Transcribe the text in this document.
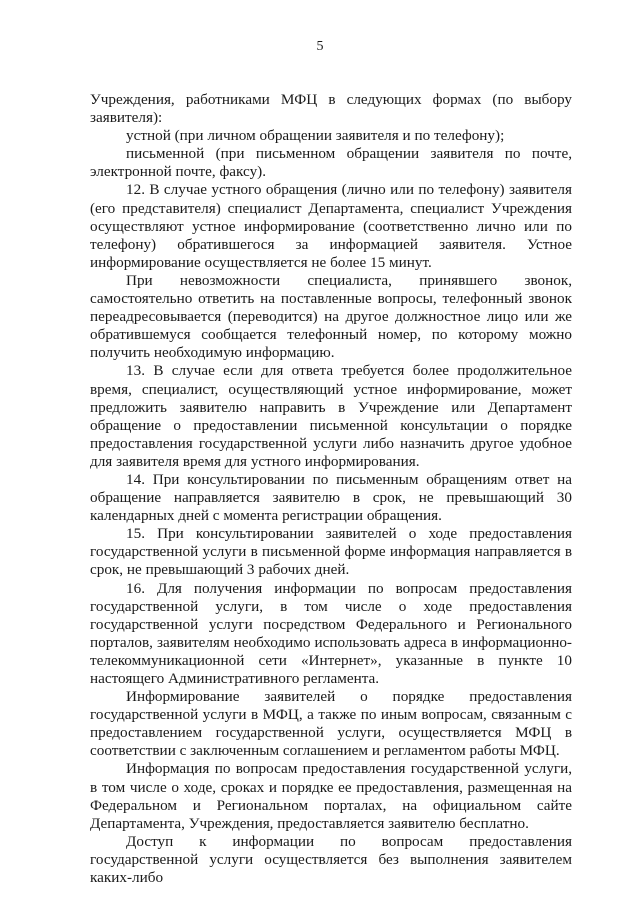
5

Учреждения, работниками МФЦ в следующих формах (по выбору заявителя):

устной (при личном обращении заявителя и по телефону);

письменной (при письменном обращении заявителя по почте, электронной почте, факсу).

12. В случае устного обращения (лично или по телефону) заявителя (его представителя) специалист Департамента, специалист Учреждения осуществляют устное информирование (соответственно лично или по телефону) обратившегося за информацией заявителя. Устное информирование осуществляется не более 15 минут.

При невозможности специалиста, принявшего звонок, самостоятельно ответить на поставленные вопросы, телефонный звонок переадресовывается (переводится) на другое должностное лицо или же обратившемуся сообщается телефонный номер, по которому можно получить необходимую информацию.

13. В случае если для ответа требуется более продолжительное время, специалист, осуществляющий устное информирование, может предложить заявителю направить в Учреждение или Департамент обращение о предоставлении письменной консультации о порядке предоставления государственной услуги либо назначить другое удобное для заявителя время для устного информирования.

14. При консультировании по письменным обращениям ответ на обращение направляется заявителю в срок, не превышающий 30 календарных дней с момента регистрации обращения.

15. При консультировании заявителей о ходе предоставления государственной услуги в письменной форме информация направляется в срок, не превышающий 3 рабочих дней.

16. Для получения информации по вопросам предоставления государственной услуги, в том числе о ходе предоставления государственной услуги посредством Федерального и Регионального порталов, заявителям необходимо использовать адреса в информационно-телекоммуникационной сети «Интернет», указанные в пункте 10 настоящего Административного регламента.

Информирование заявителей о порядке предоставления государственной услуги в МФЦ, а также по иным вопросам, связанным с предоставлением государственной услуги, осуществляется МФЦ в соответствии с заключенным соглашением и регламентом работы МФЦ.

Информация по вопросам предоставления государственной услуги, в том числе о ходе, сроках и порядке ее предоставления, размещенная на Федеральном и Региональном порталах, на официальном сайте Департамента, Учреждения, предоставляется заявителю бесплатно.

Доступ к информации по вопросам предоставления государственной услуги осуществляется без выполнения заявителем каких-либо
